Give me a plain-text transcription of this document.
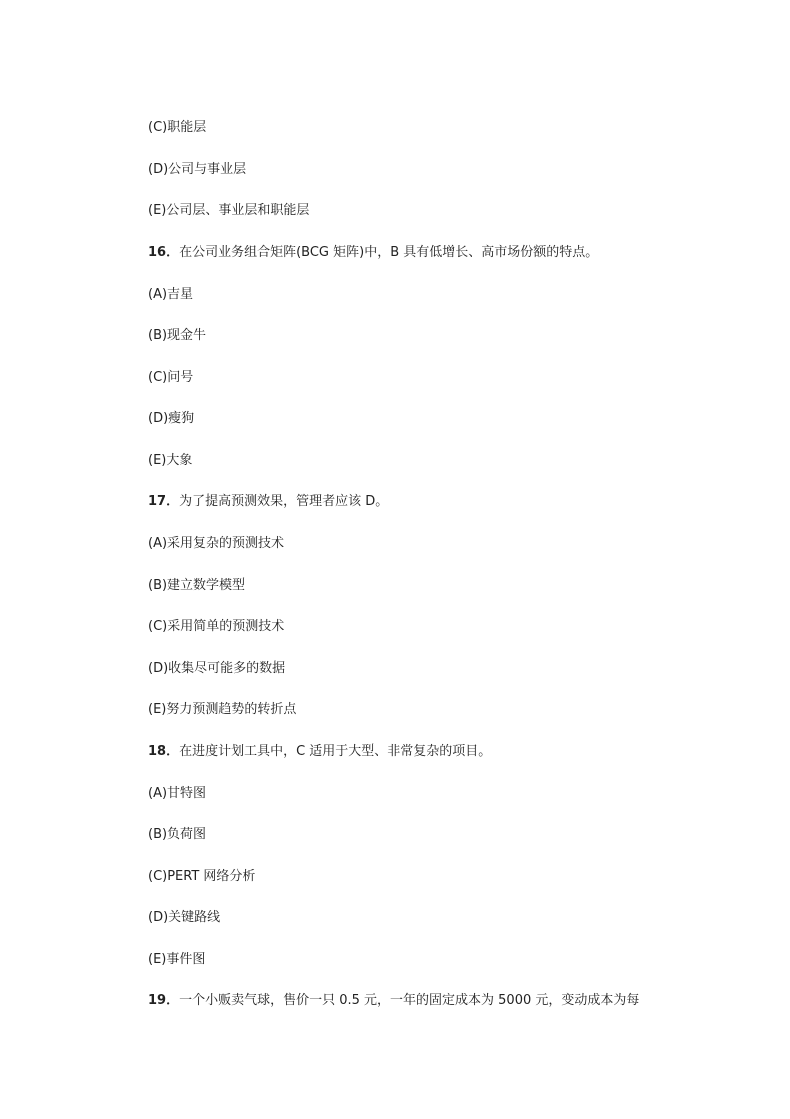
(C)职能层
(D)公司与事业层
(E)公司层、事业层和职能层
16．在公司业务组合矩阵(BCG 矩阵)中，B 具有低增长、高市场份额的特点。
(A)吉星
(B)现金牛
(C)问号
(D)瘦狗
(E)大象
17．为了提高预测效果，管理者应该 D。
(A)采用复杂的预测技术
(B)建立数学模型
(C)采用简单的预测技术
(D)收集尽可能多的数据
(E)努力预测趋势的转折点
18．在进度计划工具中，C 适用于大型、非常复杂的项目。
(A)甘特图
(B)负荷图
(C)PERT 网络分析
(D)关键路线
(E)事件图
19．一个小贩卖气球，售价一只 0.5 元，一年的固定成本为 5000 元，变动成本为每
